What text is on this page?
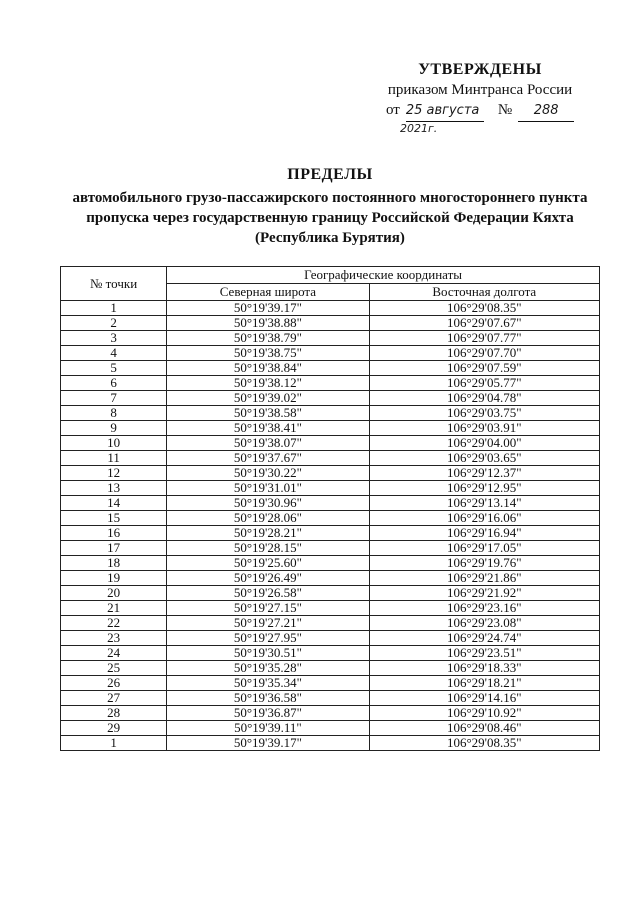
УТВЕРЖДЕНЫ
приказом Минтранса России
от 25 августа №	288
2021г.
ПРЕДЕЛЫ
автомобильного грузо-пассажирского постоянного многостороннего пункта
пропуска через государственную границу Российской Федерации Кяхта
(Республика Бурятия)
№ точки	Географические координаты	
	Северная широта	Восточная долгота
1	50°19'39.17"	106°29'08.35"
2	50°19'38.88"	106°29'07.67"
3	50°19'38.79"	106°29'07.77"
4	50°19'38.75"	106°29'07.70"
5	50°19'38.84"	106°29'07.59"
6	50°19'38.12"	106°29'05.77"
7	50°19'39.02"	106°29'04.78"
8	50°19'38.58"	106°29'03.75"
9	50°19'38.41"	106°29'03.91"
10	50°19'38.07"	106°29'04.00"
11	50°19'37.67"	106°29'03.65"
12	50°19'30.22"	106°29'12.37"
13	50°19'31.01"	106°29'12.95"
14	50°19'30.96"	106°29'13.14"
15	50°19'28.06"	106°29'16.06"
16	50°19'28.21"	106°29'16.94"
17	50°19'28.15"	106°29'17.05"
18	50°19'25.60"	106°29'19.76"
19	50°19'26.49"	106°29'21.86"
20	50°19'26.58"	106°29'21.92"
21	50°19'27.15"	106°29'23.16"
22	50°19'27.21"	106°29'23.08"
23	50°19'27.95"	106°29'24.74"
24	50°19'30.51"	106°29'23.51"
25	50°19'35.28"	106°29'18.33"
26	50°19'35.34"	106°29'18.21"
27	50°19'36.58"	106°29'14.16"
28	50°19'36.87"	106°29'10.92"
29	50°19'39.11"	106°29'08.46"
1	50°19'39.17"	106°29'08.35"
